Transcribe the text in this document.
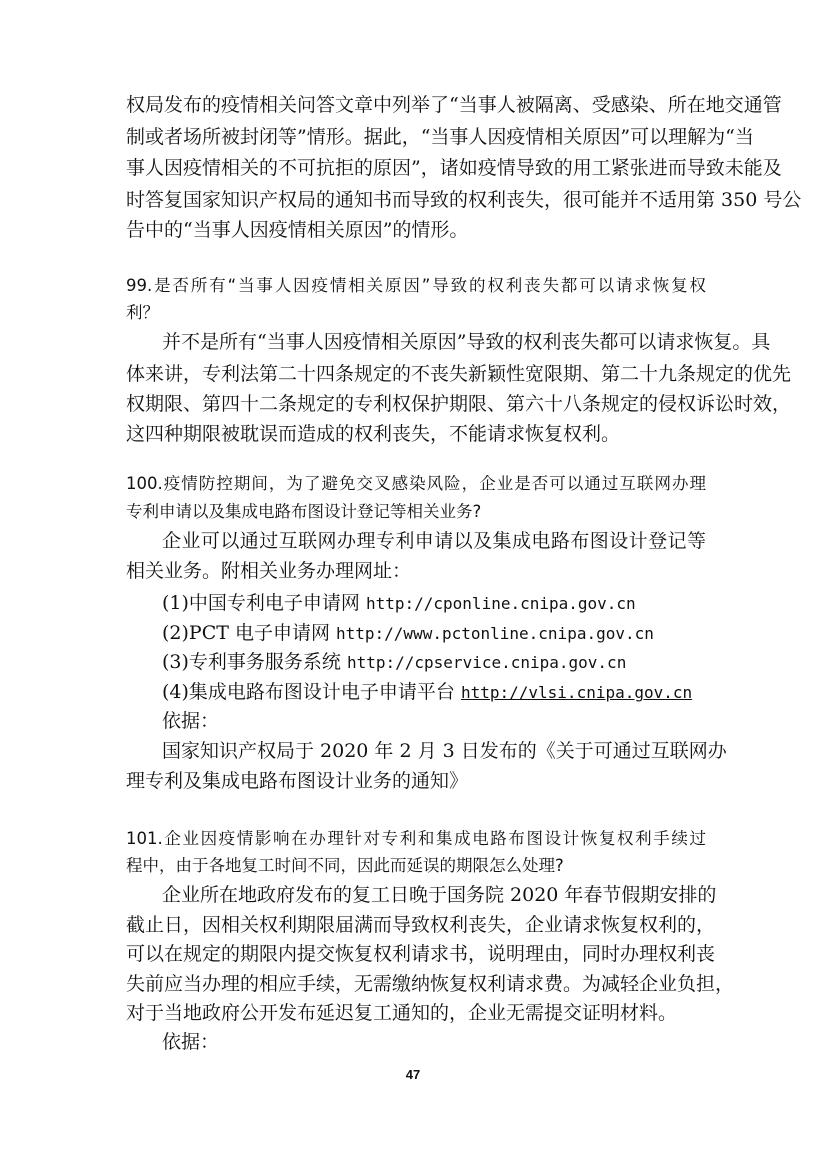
权局发布的疫情相关问答文章中列举了“当事人被隔离、受感染、所在地交通管
制或者场所被封闭等”情形。据此，“当事人因疫情相关原因”可以理解为“当
事人因疫情相关的不可抗拒的原因”，诸如疫情导致的用工紧张进而导致未能及
时答复国家知识产权局的通知书而导致的权利丧失，很可能并不适用第 350 号公
告中的“当事人因疫情相关原因”的情形。
99.是否所有“当事人因疫情相关原因”导致的权利丧失都可以请求恢复权
利？
并不是所有“当事人因疫情相关原因”导致的权利丧失都可以请求恢复。具
体来讲，专利法第二十四条规定的不丧失新颖性宽限期、第二十九条规定的优先
权期限、第四十二条规定的专利权保护期限、第六十八条规定的侵权诉讼时效，
这四种期限被耽误而造成的权利丧失，不能请求恢复权利。
100.疫情防控期间，为了避免交叉感染风险，企业是否可以通过互联网办理
专利申请以及集成电路布图设计登记等相关业务?
企业可以通过互联网办理专利申请以及集成电路布图设计登记等
相关业务。附相关业务办理网址：
(1)中国专利电子申请网 http://cponline.cnipa.gov.cn
(2)PCT 电子申请网 http://www.pctonline.cnipa.gov.cn
(3)专利事务服务系统 http://cpservice.cnipa.gov.cn
(4)集成电路布图设计电子申请平台 http://vlsi.cnipa.gov.cn
依据：
国家知识产权局于 2020 年 2 月 3 日发布的《关于可通过互联网办
理专利及集成电路布图设计业务的通知》
101.企业因疫情影响在办理针对专利和集成电路布图设计恢复权利手续过
程中，由于各地复工时间不同，因此而延误的期限怎么处理?
企业所在地政府发布的复工日晚于国务院 2020 年春节假期安排的
截止日，因相关权利期限届满而导致权利丧失，企业请求恢复权利的，
可以在规定的期限内提交恢复权利请求书，说明理由，同时办理权利丧
失前应当办理的相应手续，无需缴纳恢复权利请求费。为减轻企业负担，
对于当地政府公开发布延迟复工通知的，企业无需提交证明材料。
依据：
47
